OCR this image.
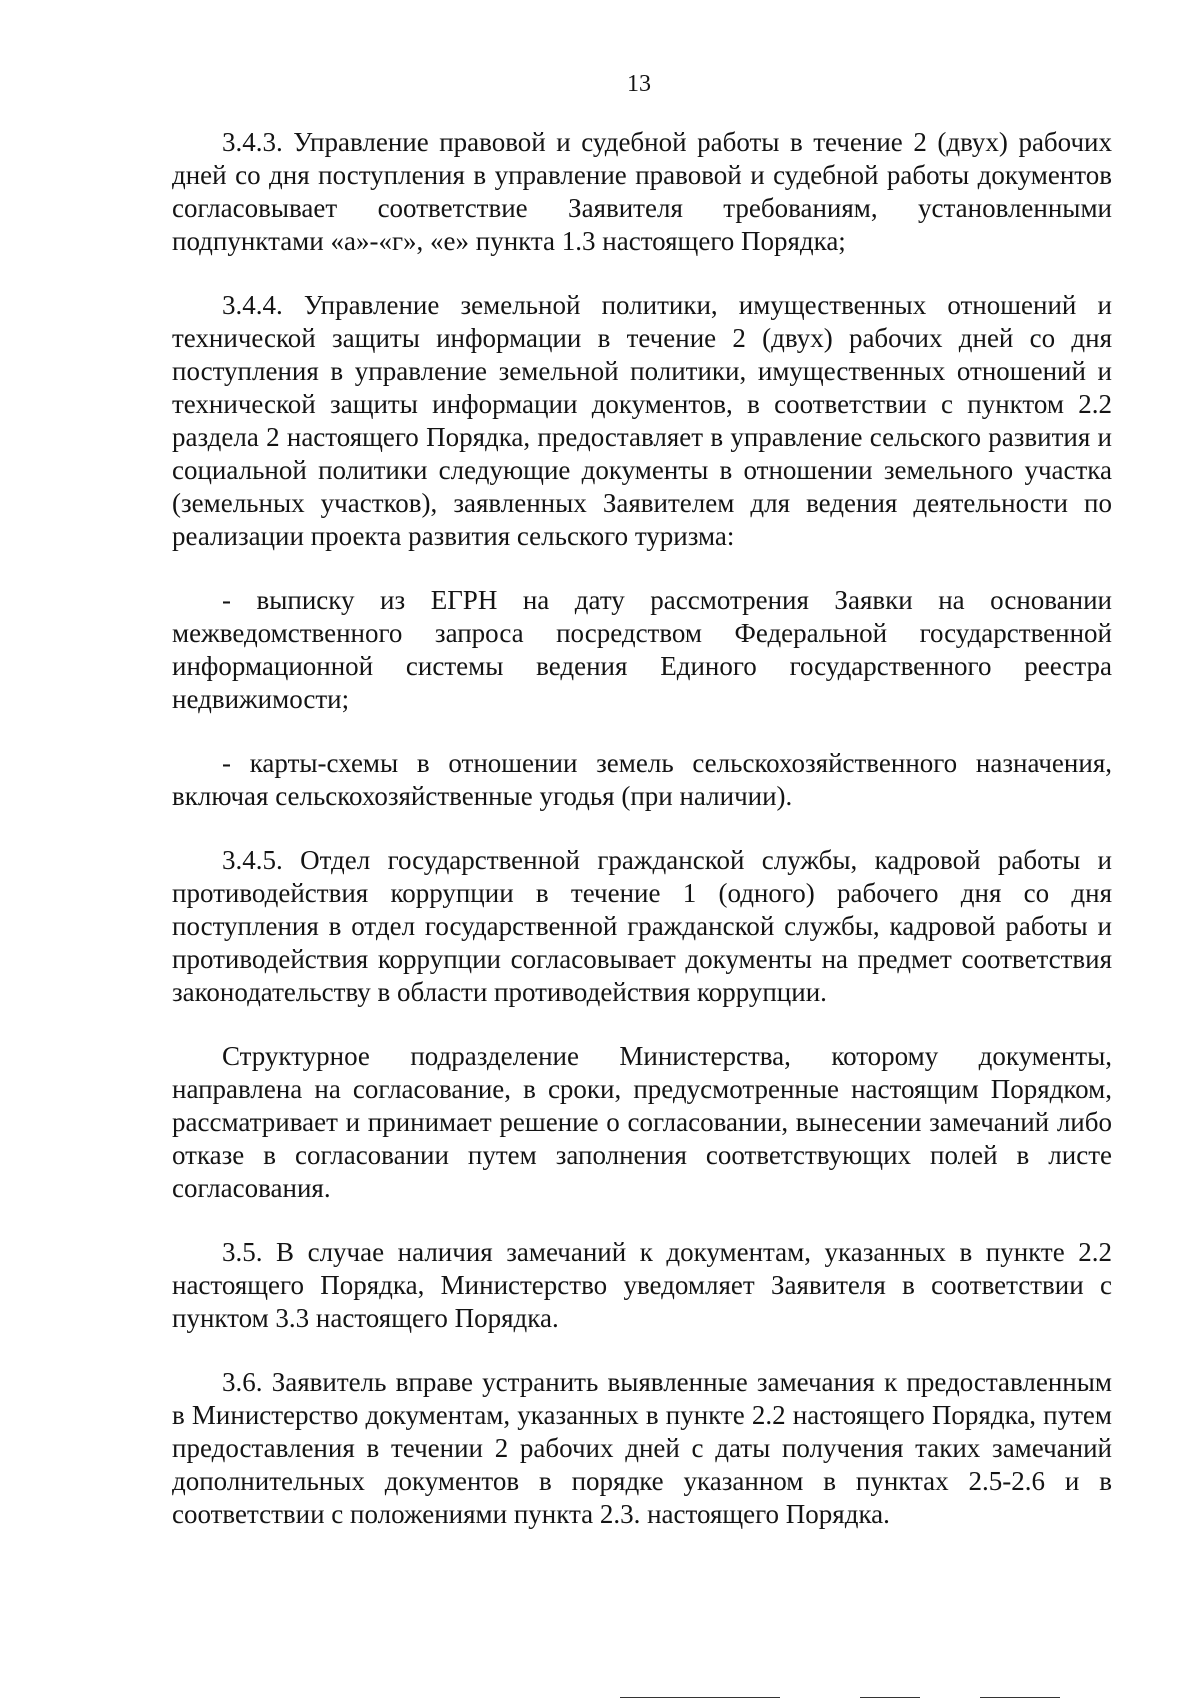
13

3.4.3. Управление правовой и судебной работы в течение 2 (двух) рабочих дней со дня поступления в управление правовой и судебной работы документов согласовывает соответствие Заявителя требованиям, установленными подпунктами «а»-«г», «е» пункта 1.3 настоящего Порядка;

3.4.4. Управление земельной политики, имущественных отношений и технической защиты информации в течение 2 (двух) рабочих дней со дня поступления в управление земельной политики, имущественных отношений и технической защиты информации документов, в соответствии с пунктом 2.2 раздела 2 настоящего Порядка, предоставляет в управление сельского развития и социальной политики следующие документы в отношении земельного участка (земельных участков), заявленных Заявителем для ведения деятельности по реализации проекта развития сельского туризма:

- выписку из ЕГРН на дату рассмотрения Заявки на основании межведомственного запроса посредством Федеральной государственной информационной системы ведения Единого государственного реестра недвижимости;

- карты-схемы в отношении земель сельскохозяйственного назначения, включая сельскохозяйственные угодья (при наличии).

3.4.5. Отдел государственной гражданской службы, кадровой работы и противодействия коррупции в течение 1 (одного) рабочего дня со дня поступления в отдел государственной гражданской службы, кадровой работы и противодействия коррупции согласовывает документы на предмет соответствия законодательству в области противодействия коррупции.

Структурное подразделение Министерства, которому документы, направлена на согласование, в сроки, предусмотренные настоящим Порядком, рассматривает и принимает решение о согласовании, вынесении замечаний либо отказе в согласовании путем заполнения соответствующих полей в листе согласования.

3.5. В случае наличия замечаний к документам, указанных в пункте 2.2 настоящего Порядка, Министерство уведомляет Заявителя в соответствии с пунктом 3.3 настоящего Порядка.

3.6. Заявитель вправе устранить выявленные замечания к предоставленным в Министерство документам, указанных в пункте 2.2 настоящего Порядка, путем предоставления в течении 2 рабочих дней с даты получения таких замечаний дополнительных документов в порядке указанном в пунктах 2.5-2.6 и в соответствии с положениями пункта 2.3. настоящего Порядка.
